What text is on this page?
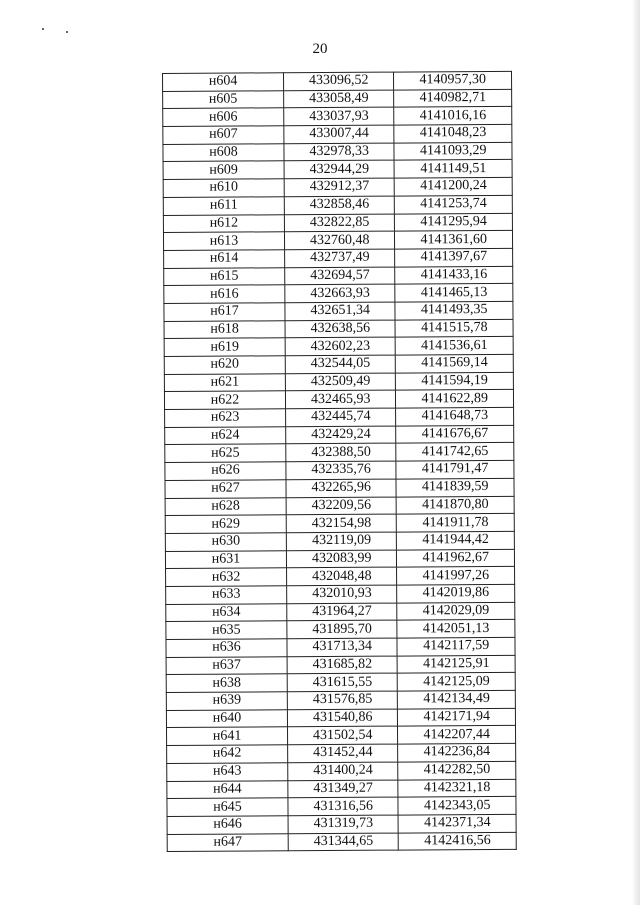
20
н604	433096,52	4140957,30
н605	433058,49	4140982,71
н606	433037,93	4141016,16
н607	433007,44	4141048,23
н608	432978,33	4141093,29
н609	432944,29	4141149,51
н610	432912,37	4141200,24
н611	432858,46	4141253,74
н612	432822,85	4141295,94
н613	432760,48	4141361,60
н614	432737,49	4141397,67
н615	432694,57	4141433,16
н616	432663,93	4141465,13
н617	432651,34	4141493,35
н618	432638,56	4141515,78
н619	432602,23	4141536,61
н620	432544,05	4141569,14
н621	432509,49	4141594,19
н622	432465,93	4141622,89
н623	432445,74	4141648,73
н624	432429,24	4141676,67
н625	432388,50	4141742,65
н626	432335,76	4141791,47
н627	432265,96	4141839,59
н628	432209,56	4141870,80
н629	432154,98	4141911,78
н630	432119,09	4141944,42
н631	432083,99	4141962,67
н632	432048,48	4141997,26
н633	432010,93	4142019,86
н634	431964,27	4142029,09
н635	431895,70	4142051,13
н636	431713,34	4142117,59
н637	431685,82	4142125,91
н638	431615,55	4142125,09
н639	431576,85	4142134,49
н640	431540,86	4142171,94
н641	431502,54	4142207,44
н642	431452,44	4142236,84
н643	431400,24	4142282,50
н644	431349,27	4142321,18
н645	431316,56	4142343,05
н646	431319,73	4142371,34
н647	431344,65	4142416,56
